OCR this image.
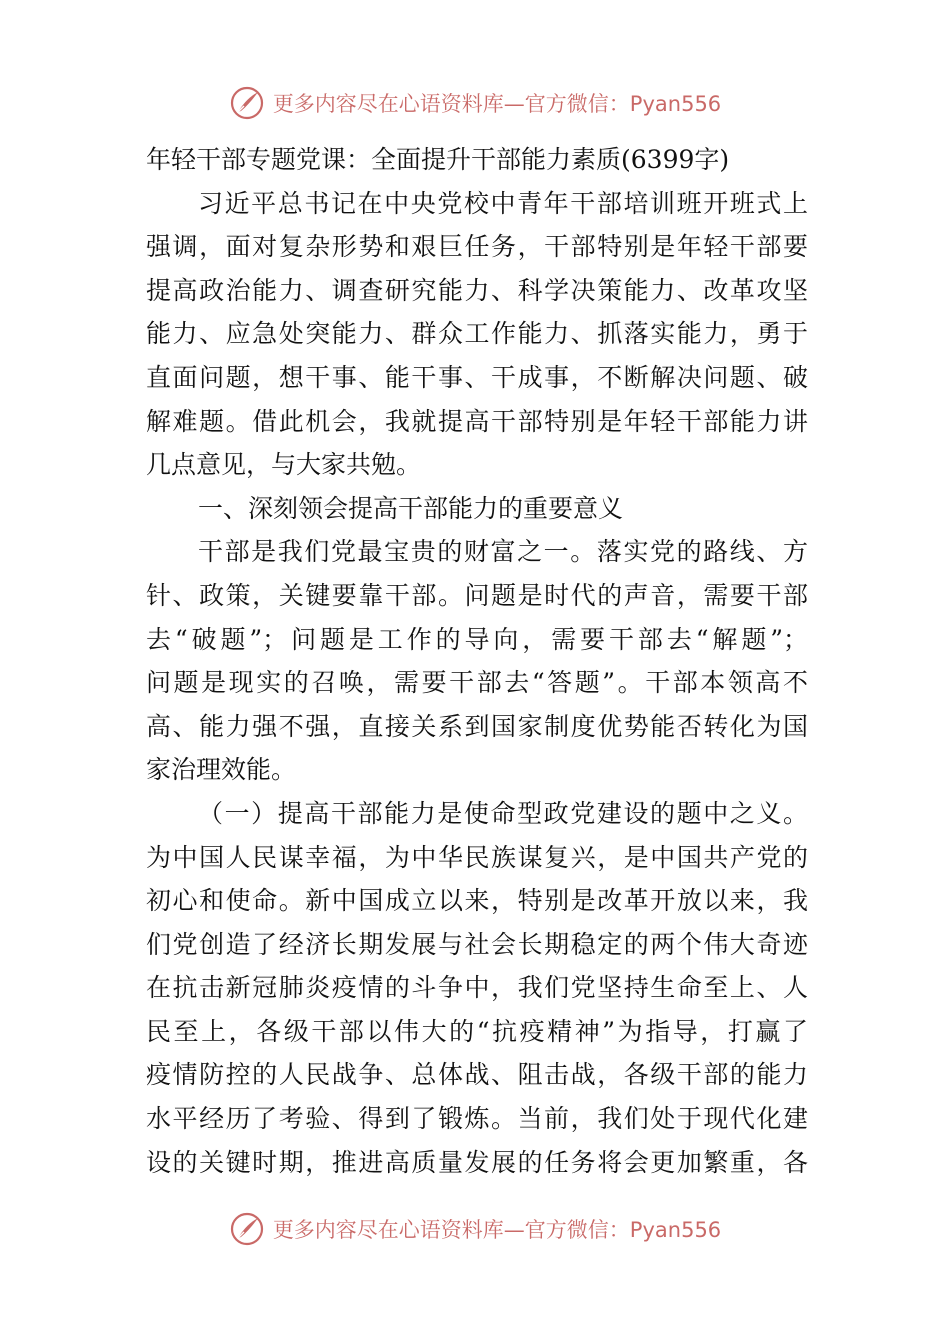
更多内容尽在心语资料库—官方微信：Pyan556
年轻干部专题党课：全面提升干部能力素质(6399字)
习近平总书记在中央党校中青年干部培训班开班式上
强调，面对复杂形势和艰巨任务，干部特别是年轻干部要
提高政治能力、调查研究能力、科学决策能力、改革攻坚
能力、应急处突能力、群众工作能力、抓落实能力，勇于
直面问题，想干事、能干事、干成事，不断解决问题、破
解难题。借此机会，我就提高干部特别是年轻干部能力讲
几点意见，与大家共勉。
一、深刻领会提高干部能力的重要意义
干部是我们党最宝贵的财富之一。落实党的路线、方
针、政策，关键要靠干部。问题是时代的声音，需要干部
去“破题”；问题是工作的导向，需要干部去“解题”；
问题是现实的召唤，需要干部去“答题”。干部本领高不
高、能力强不强，直接关系到国家制度优势能否转化为国
家治理效能。
（一）提高干部能力是使命型政党建设的题中之义。
为中国人民谋幸福，为中华民族谋复兴，是中国共产党的
初心和使命。新中国成立以来，特别是改革开放以来，我
们党创造了经济长期发展与社会长期稳定的两个伟大奇迹
在抗击新冠肺炎疫情的斗争中，我们党坚持生命至上、人
民至上，各级干部以伟大的“抗疫精神”为指导，打赢了
疫情防控的人民战争、总体战、阻击战，各级干部的能力
水平经历了考验、得到了锻炼。当前，我们处于现代化建
设的关键时期，推进高质量发展的任务将会更加繁重，各
更多内容尽在心语资料库—官方微信：Pyan556
